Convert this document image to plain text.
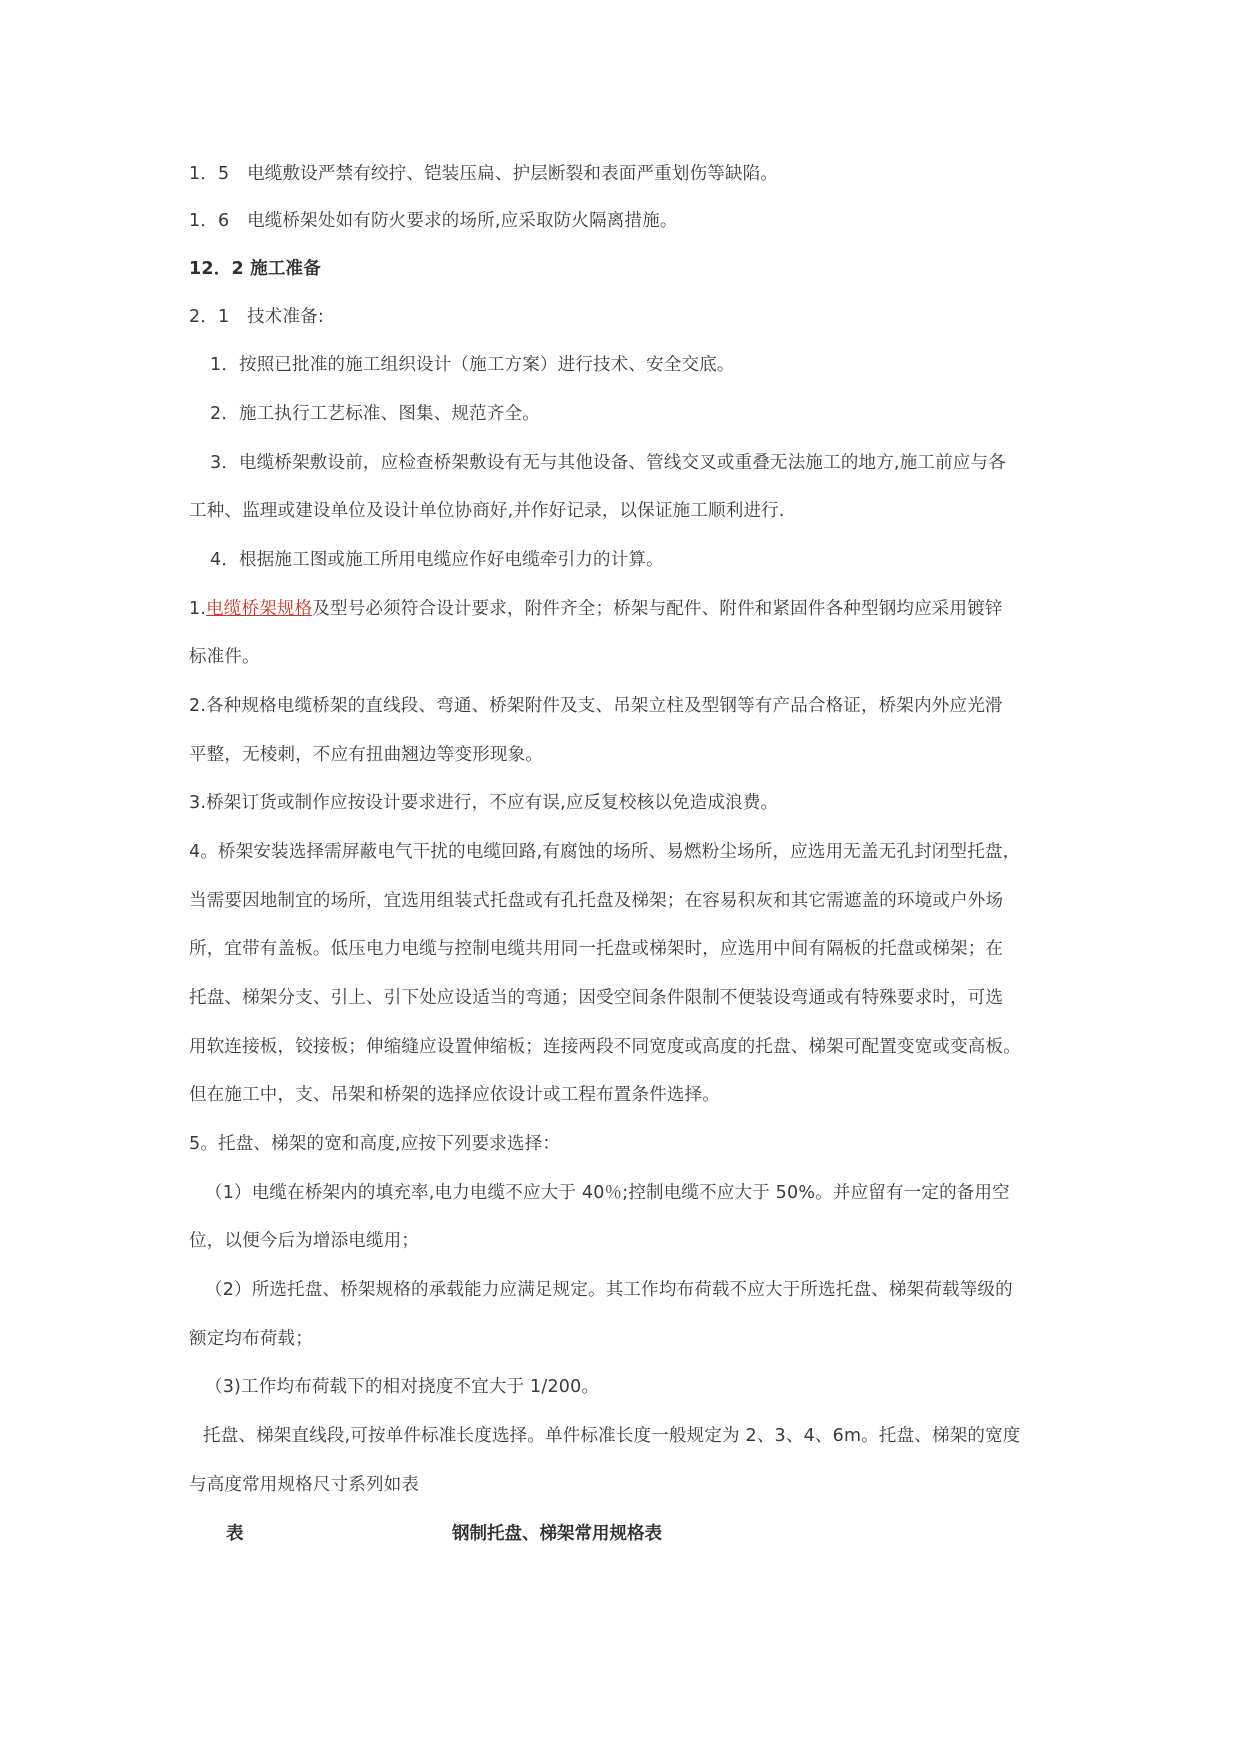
1．5　电缆敷设严禁有绞拧、铠装压扁、护层断裂和表面严重划伤等缺陷。
1．6　电缆桥架处如有防火要求的场所,应采取防火隔离措施。
12．2 施工准备
2．1　技术准备:
1．按照已批准的施工组织设计（施工方案）进行技术、安全交底。
2．施工执行工艺标准、图集、规范齐全。
3．电缆桥架敷设前，应检查桥架敷设有无与其他设备、管线交叉或重叠无法施工的地方,施工前应与各
工种、监理或建设单位及设计单位协商好,并作好记录，以保证施工顺利进行.
4．根据施工图或施工所用电缆应作好电缆牵引力的计算。
1.电缆桥架规格及型号必须符合设计要求，附件齐全；桥架与配件、附件和紧固件各种型钢均应采用镀锌
标准件。
2.各种规格电缆桥架的直线段、弯通、桥架附件及支、吊架立柱及型钢等有产品合格证，桥架内外应光滑
平整，无棱刺，不应有扭曲翘边等变形现象。
3.桥架订货或制作应按设计要求进行，不应有误,应反复校核以免造成浪费。
4。桥架安装选择需屏蔽电气干扰的电缆回路,有腐蚀的场所、易燃粉尘场所，应选用无盖无孔封闭型托盘，
当需要因地制宜的场所，宜选用组装式托盘或有孔托盘及梯架；在容易积灰和其它需遮盖的环境或户外场
所，宜带有盖板。低压电力电缆与控制电缆共用同一托盘或梯架时，应选用中间有隔板的托盘或梯架；在
托盘、梯架分支、引上、引下处应设适当的弯通；因受空间条件限制不便装设弯通或有特殊要求时，可选
用软连接板，铰接板；伸缩缝应设置伸缩板；连接两段不同宽度或高度的托盘、梯架可配置变宽或变高板。
但在施工中，支、吊架和桥架的选择应依设计或工程布置条件选择。
5。托盘、梯架的宽和高度,应按下列要求选择：
（1）电缆在桥架内的填充率,电力电缆不应大于 40％;控制电缆不应大于 50%。并应留有一定的备用空
位，以便今后为增添电缆用；
（2）所选托盘、桥架规格的承载能力应满足规定。其工作均布荷载不应大于所选托盘、梯架荷载等级的
额定均布荷载；
（3)工作均布荷载下的相对挠度不宜大于 1/200。
托盘、梯架直线段,可按单件标准长度选择。单件标准长度一般规定为 2、3、4、6m。托盘、梯架的宽度
与高度常用规格尺寸系列如表
表	钢制托盘、梯架常用规格表
